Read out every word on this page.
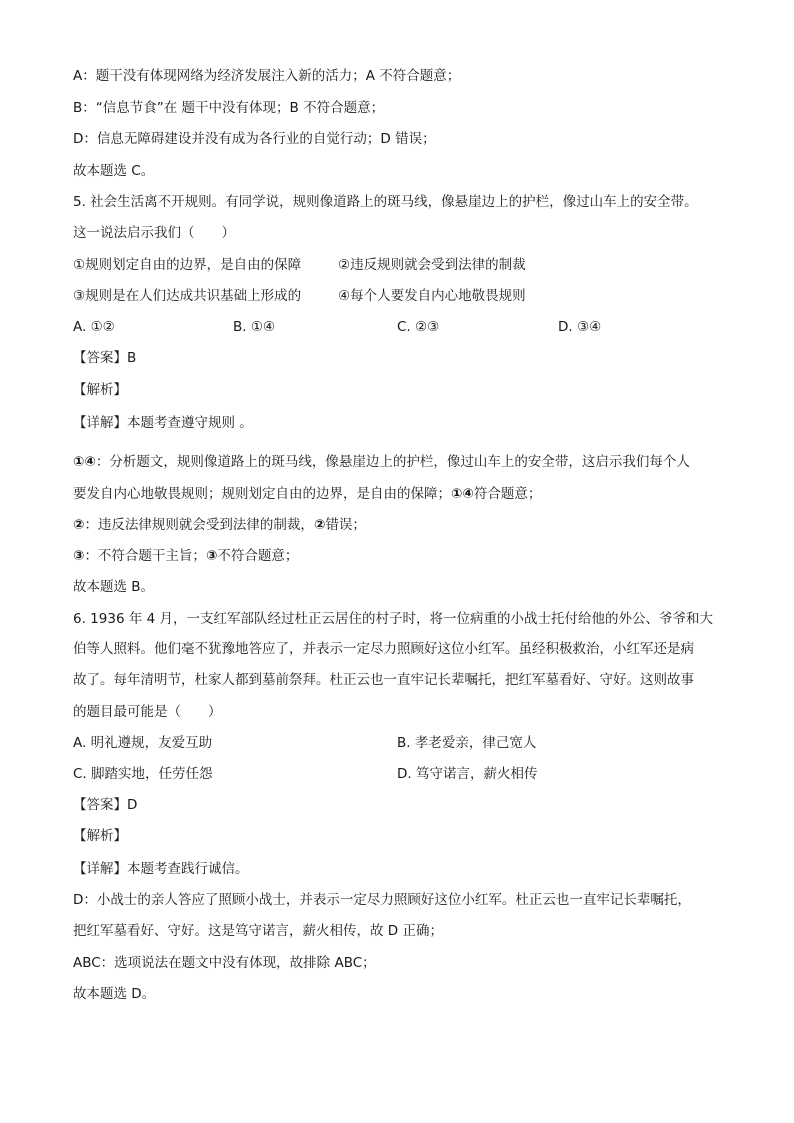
A：题干没有体现网络为经济发展注入新的活力；A 不符合题意；
B：“信息节食”在 题干中没有体现；B 不符合题意；
D：信息无障碍建设并没有成为各行业的自觉行动；D 错误；
故本题选 C。
5. 社会生活离不开规则。有同学说，规则像道路上的斑马线，像悬崖边上的护栏，像过山车上的安全带。
这一说法启示我们（　　）
①规则划定自由的边界，是自由的保障	②违反规则就会受到法律的制裁
③规则是在人们达成共识基础上形成的	④每个人要发自内心地敬畏规则
A. ①②	B. ①④	C. ②③	D. ③④
【答案】B
【解析】
【详解】本题考查遵守规则 。
①④：分析题文，规则像道路上的斑马线，像悬崖边上的护栏，像过山车上的安全带，这启示我们每个人
要发自内心地敬畏规则；规则划定自由的边界，是自由的保障；①④符合题意；
②：违反法律规则就会受到法律的制裁，②错误；
③：不符合题干主旨；③不符合题意；
故本题选 B。
6. 1936 年 4 月，一支红军部队经过杜正云居住的村子时，将一位病重的小战士托付给他的外公、爷爷和大
伯等人照料。他们毫不犹豫地答应了，并表示一定尽力照顾好这位小红军。虽经积极救治，小红军还是病
故了。每年清明节，杜家人都到墓前祭拜。杜正云也一直牢记长辈嘱托，把红军墓看好、守好。这则故事
的题目最可能是（　　）
A. 明礼遵规，友爱互助	B. 孝老爱亲，律己宽人
C. 脚踏实地，任劳任怨	D. 笃守诺言，薪火相传
【答案】D
【解析】
【详解】本题考查践行诚信。
D：小战士的亲人答应了照顾小战士，并表示一定尽力照顾好这位小红军。杜正云也一直牢记长辈嘱托，
把红军墓看好、守好。这是笃守诺言，薪火相传，故 D 正确；
ABC：选项说法在题文中没有体现，故排除 ABC；
故本题选 D。
